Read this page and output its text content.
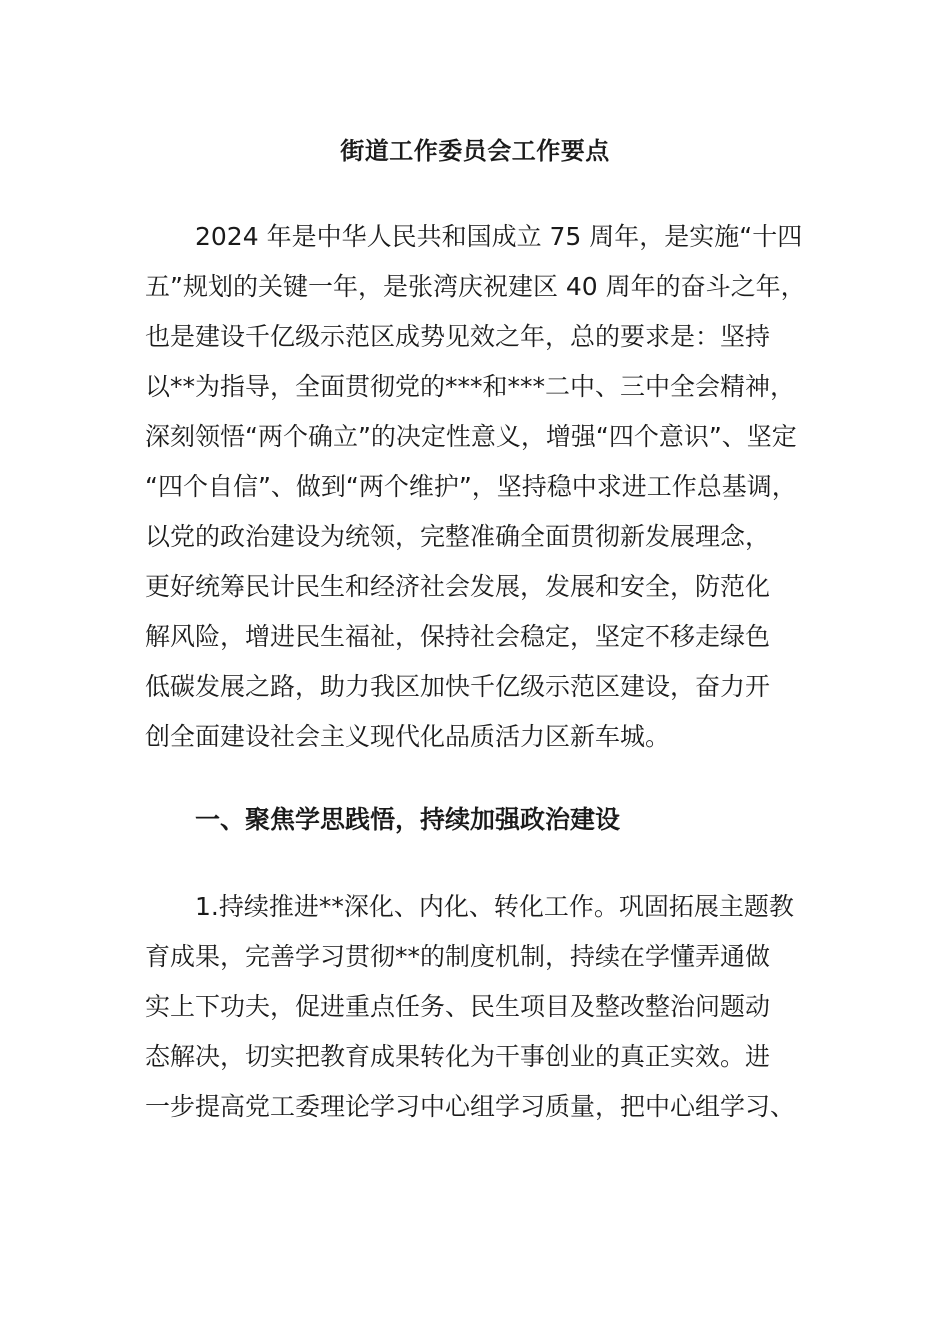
街道工作委员会工作要点

2024 年是中华人民共和国成立 75 周年，是实施“十四
五”规划的关键一年，是张湾庆祝建区 40 周年的奋斗之年，
也是建设千亿级示范区成势见效之年，总的要求是：坚持
以**为指导，全面贯彻党的***和***二中、三中全会精神，
深刻领悟“两个确立”的决定性意义，增强“四个意识”、坚定
“四个自信”、做到“两个维护”，坚持稳中求进工作总基调，
以党的政治建设为统领，完整准确全面贯彻新发展理念，
更好统筹民计民生和经济社会发展，发展和安全，防范化
解风险，增进民生福祉，保持社会稳定，坚定不移走绿色
低碳发展之路，助力我区加快千亿级示范区建设，奋力开
创全面建设社会主义现代化品质活力区新车城。

一、聚焦学思践悟，持续加强政治建设

1.持续推进**深化、内化、转化工作。巩固拓展主题教
育成果，完善学习贯彻**的制度机制，持续在学懂弄通做
实上下功夫，促进重点任务、民生项目及整改整治问题动
态解决，切实把教育成果转化为干事创业的真正实效。进
一步提高党工委理论学习中心组学习质量，把中心组学习、
